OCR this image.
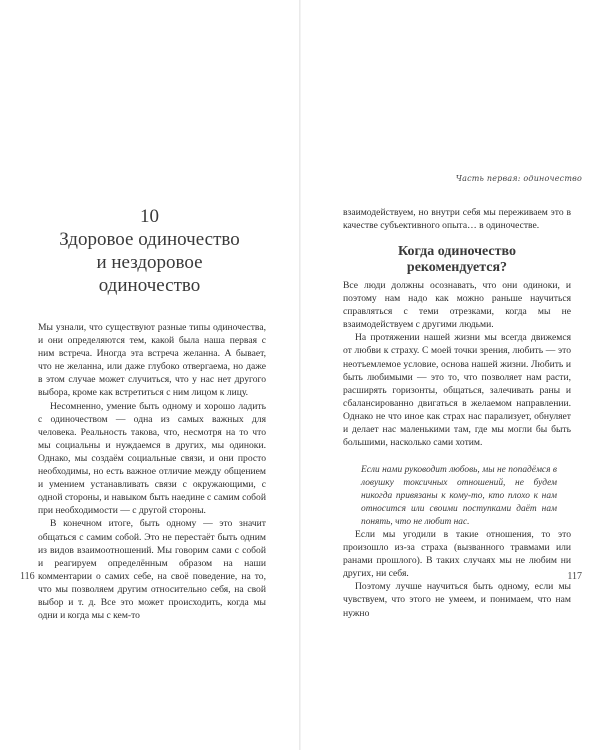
10
Здоровое одиночество
и нездоровое
одиночество

Мы узнали, что существуют разные типы одиночества, и они определяются тем, какой была наша первая с ним встреча. Иногда эта встреча желанна. А бывает, что не желанна, или даже глубоко отвергаема, но даже в этом случае может случиться, что у нас нет другого выбора, кроме как встретиться с ним лицом к лицу.

Несомненно, умение быть одному и хорошо ладить с одиночеством — одна из самых важных для человека. Реальность такова, что, несмотря на то что мы социальны и нуждаемся в других, мы одиноки. Однако, мы создаём социальные связи, и они просто необходимы, но есть важное отличие между общением и умением устанавливать связи с окружающими, с одной стороны, и навыком быть наедине с самим собой при необходимости — с другой стороны.

В конечном итоге, быть одному — это значит общаться с самим собой. Это не перестаёт быть одним из видов взаимоотношений. Мы говорим сами с собой и реагируем определённым образом на наши комментарии о самих себе, на своё поведение, на то, что мы позволяем другим относительно себя, на свой выбор и т. д. Все это может происходить, когда мы одни и когда мы с кем-то

116
Часть первая: одиночество

взаимодействуем, но внутри себя мы переживаем это в качестве субъективного опыта… в одиночестве.

Когда одиночество
рекомендуется?

Все люди должны осознавать, что они одиноки, и поэтому нам надо как можно раньше научиться справляться с теми отрезками, когда мы не взаимодействуем с другими людьми.

На протяжении нашей жизни мы всегда движемся от любви к страху. С моей точки зрения, любить — это неотъемлемое условие, основа нашей жизни. Любить и быть любимыми — это то, что позволяет нам расти, расширять горизонты, общаться, залечивать раны и сбалансированно двигаться в желаемом направлении. Однако не что иное как страх нас парализует, обнуляет и делает нас маленькими там, где мы могли бы быть большими, насколько сами хотим.

Если нами руководит любовь, мы не попадёмся в ловушку токсичных отношений, не будем никогда привязаны к кому-то, кто плохо к нам относится или своими поступками даёт нам понять, что не любит нас.

Если мы угодили в такие отношения, то это произошло из-за страха (вызванного травмами или ранами прошлого). В таких случаях мы не любим ни других, ни себя.

Поэтому лучше научиться быть одному, если мы чувствуем, что этого не умеем, и понимаем, что нам нужно

117
